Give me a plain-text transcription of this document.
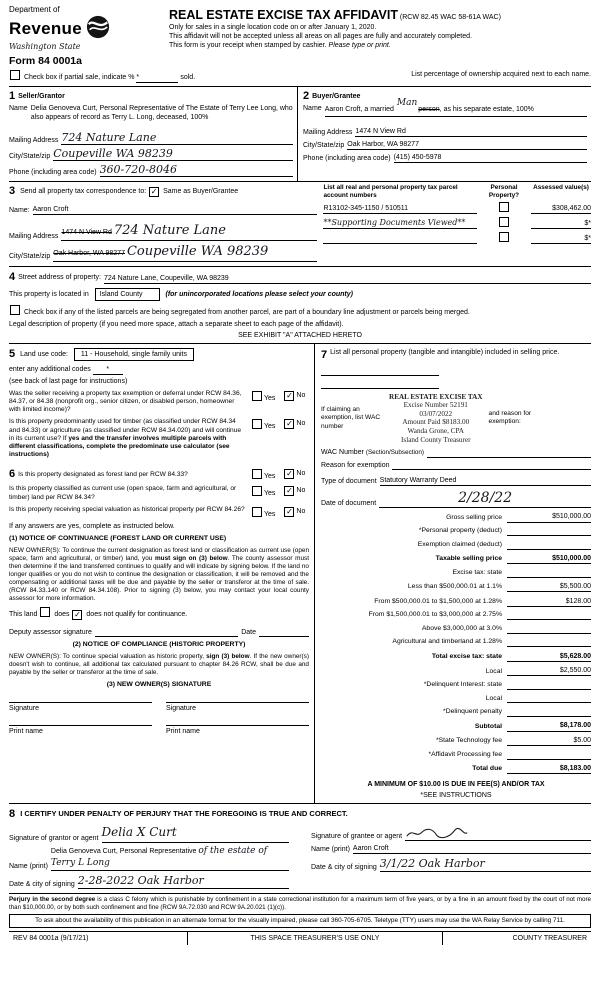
Department of
Revenue
Washington State
REAL ESTATE EXCISE TAX AFFIDAVIT (RCW 82.45 WAC 58-61A WAC)
Only for sales in a single location code on or after January 1, 2020.
This affidavit will not be accepted unless all areas on all pages are fully and accurately completed.
This form is your receipt when stamped by cashier. Please type or print.
Form 84 0001a
Check box if partial sale, indicate % *	sold.	List percentage of ownership acquired next to each name.
1 Seller/Grantor
Name Delia Genoveva Curt, Personal Representative of The Estate of Terry Lee Long, who also appears of record as Terry L. Long, deceased, 100%
Mailing Address 724 Nature Lane
City/State/zip Coupeville WA 98239
Phone (including area code) 360-720-8046
2 Buyer/Grantee
Name Aaron Croft, a married Manperson, as his separate estate, 100%
Mailing Address 1474 N View Rd
City/State/zip Oak Harbor, WA 98277
Phone (including area code) (415) 450-5978
3 Send all property tax correspondence to: ✓ Same as Buyer/Grantee
Name: Aaron Croft
Mailing Address
1474 N View Rd 724 Nature Lane
City/State/zip
Oak Harbor, WA 98277 Coupeville WA 98239
List all real and personal property tax parcel account numbers
Personal Property?
Assessed value(s)
R13102-345-1150 / 510511	$308,462.00
**Supporting Documents Viewed**	$*
$*
4 Street address of property: 724 Nature Lane, Coupeville, WA 98239
This property is located in Island County	(for unincorporated locations please select your county)
Check box if any of the listed parcels are being segregated from another parcel, are part of a boundary line adjustment or parcels being merged.
Legal description of property (if you need more space, attach a separate sheet to each page of the affidavit).
SEE EXHIBIT "A" ATTACHED HERETO
5 Land use code: 11 - Household, single family units
enter any additional codes *
(see back of last page for instructions)
Was the seller receiving a property tax exemption or deferral under RCW 84.36, 84.37, or 84.38 (nonprofit org., senior citizen, or disabled person, homeowner with limited income)?
Yes	✓ No
Is this property predominantly used for timber (as classified under RCW 84.34 and 84.33) or agriculture (as classified under RCW 84.34.020) and will continue in its current use? If yes and the transfer involves multiple parcels with different classifications, complete the predominate use calculator (see instructions)
Yes	✓ No
6 Is this property designated as forest land per RCW 84.33?	Yes	✓ No
Is this property classified as current use (open space, farm and agricultural, or timber) land per RCW 84.34?	Yes	✓ No
Is this property receiving special valuation as historical property per RCW 84.26?
Yes	✓ No
If any answers are yes, complete as instructed below.
(1) NOTICE OF CONTINUANCE (FOREST LAND OR CURRENT USE)
NEW OWNER(S): To continue the current designation as forest land or classification as current use (open space, farm and agricultural, or timber) land, you must sign on (3) below. The county assessor must then determine if the land transferred continues to qualify and will indicate by signing below. If the land no longer qualifies or you do not wish to continue the designation or classification, it will be removed and the compensating or additional taxes will be due and payable by the seller or transferor at the time of sale. (RCW 84.33.140 or RCW 84.34.108). Prior to signing (3) below, you may contact your local county assessor for more information.
This land does ✓ does not qualify for continuance.
Deputy assessor signature	Date
(2) NOTICE OF COMPLIANCE (HISTORIC PROPERTY)
NEW OWNER(S): To continue special valuation as historic property, sign (3) below. If the new owner(s) doesn't wish to continue, all additional tax calculated pursuant to chapter 84.26 RCW, shall be due and payable by the seller or transferor at the time of sale.
(3) NEW OWNER(S) SIGNATURE
Signature	Signature
Print name	Print name
7 List all personal property (tangible and intangible) included in selling price.
If claiming an exemption, list WAC number
REAL ESTATE EXCISE TAX
Excise Number 52191
03/07/2022
Amount Paid $8183.00
Wanda Grone, CPA
Island County Treasurer
and reason for exemption:
WAC Number (Section/Subsection)
Reason for exemption
Type of document Statutory Warranty Deed
Date of document	2/28/22
Gross selling price	$510,000.00
*Personal property (deduct)
Exemption claimed (deduct)
Taxable selling price	$510,000.00
Excise tax: state
Less than $500,000.01 at 1.1%	$5,500.00
From $500,000.01 to $1,500,000 at 1.28%	$128.00
From $1,500,000.01 to $3,000,000 at 2.75%
Above $3,000,000 at 3.0%
Agricultural and timberland at 1.28%
Total excise tax: state	$5,628.00
Local	$2,550.00
*Delinquent Interest: state
Local
*Delinquent penalty
Subtotal	$8,178.00
*State Technology fee	$5.00
*Affidavit Processing fee
Total due	$8,183.00
A MINIMUM OF $10.00 IS DUE IN FEE(S) AND/OR TAX
*SEE INSTRUCTIONS
8 I CERTIFY UNDER PENALTY OF PERJURY THAT THE FOREGOING IS TRUE AND CORRECT.
Signature of grantor or agent Delia X Curt
Name (print)
Delia Genoveva Curt, Personal Representative of the estate of Terry L Long
Date & city of signing 2-28-2022 Oak Harbor
Signature of grantee or agent
Name (print) Aaron Croft
Date & city of signing 3/1/22 Oak Harbor
Perjury in the second degree is a class C felony which is punishable by confinement in a state correctional institution for a maximum term of five years, or by a fine in an amount fixed by the court of not more than $10,000.00, or by both such confinement and fine (RCW 9A.72.030 and RCW 9A.20.021 (1)(c)).
To ask about the availability of this publication in an alternate format for the visually impaired, please call 360-705-6705. Teletype (TTY) users may use the WA Relay Service by calling 711.
REV 84 0001a (9/17/21)	THIS SPACE TREASURER'S USE ONLY	COUNTY TREASURER
